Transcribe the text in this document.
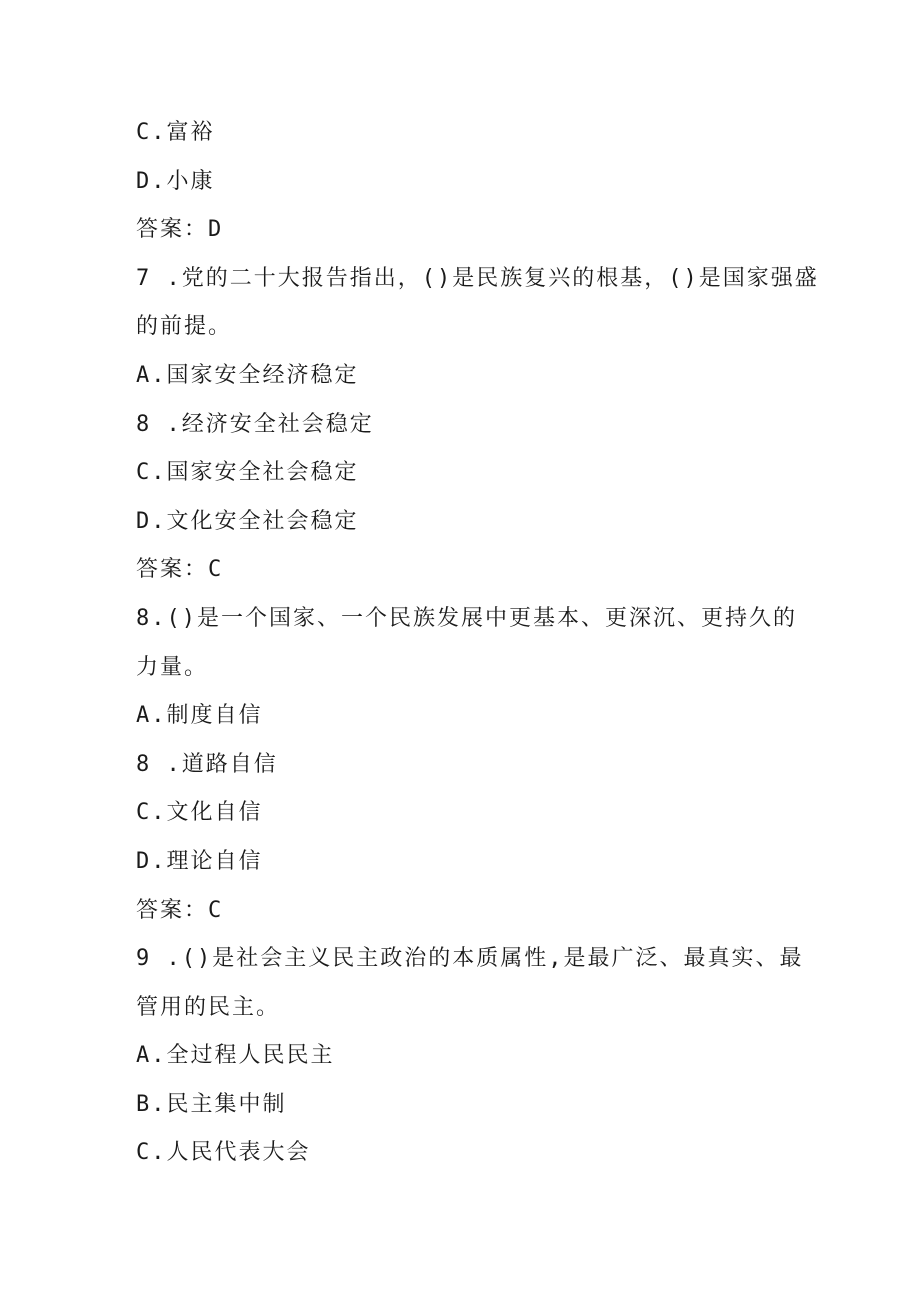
C.富裕
D.小康
答案：D
7 .党的二十大报告指出，()是民族复兴的根基，()是国家强盛
的前提。
A.国家安全经济稳定
8 .经济安全社会稳定
C.国家安全社会稳定
D.文化安全社会稳定
答案：C
8.()是一个国家、一个民族发展中更基本、更深沉、更持久的
力量。
A.制度自信
8 .道路自信
C.文化自信
D.理论自信
答案：C
9 .()是社会主义民主政治的本质属性,是最广泛、最真实、最
管用的民主。
A.全过程人民民主
B.民主集中制
C.人民代表大会
